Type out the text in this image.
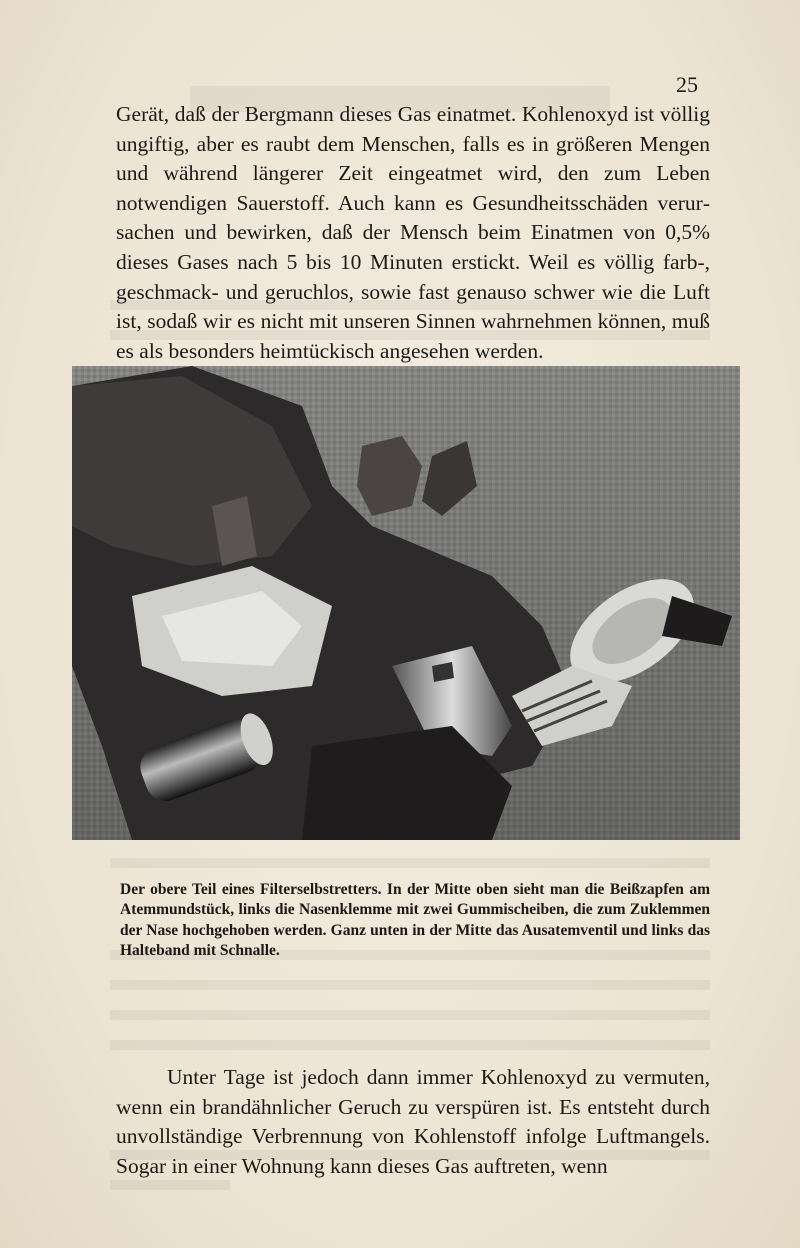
25

Gerät, daß der Bergmann dieses Gas einatmet. Kohlenoxyd ist völlig ungiftig, aber es raubt dem Menschen, falls es in größeren Mengen und während längerer Zeit eingeatmet wird, den zum Leben notwendigen Sauerstoff. Auch kann es Gesundheitsschäden verursachen und bewirken, daß der Mensch beim Einatmen von 0,5% dieses Gases nach 5 bis 10 Minuten erstickt. Weil es völlig farb-, geschmack- und geruchlos, sowie fast genauso schwer wie die Luft ist, sodaß wir es nicht mit unseren Sinnen wahrnehmen können, muß es als besonders heimtückisch angesehen werden.

Der obere Teil eines Filterselbstretters. In der Mitte oben sieht man die Beißzapfen am Atemmundstück, links die Nasenklemme mit zwei Gummischeiben, die zum Zuklemmen der Nase hochgehoben werden. Ganz unten in der Mitte das Ausatemventil und links das Halteband mit Schnalle.

Unter Tage ist jedoch dann immer Kohlenoxyd zu vermuten, wenn ein brandähnlicher Geruch zu verspüren ist. Es entsteht durch unvollständige Verbrennung von Kohlenstoff infolge Luftmangels. Sogar in einer Wohnung kann dieses Gas auftreten, wenn
